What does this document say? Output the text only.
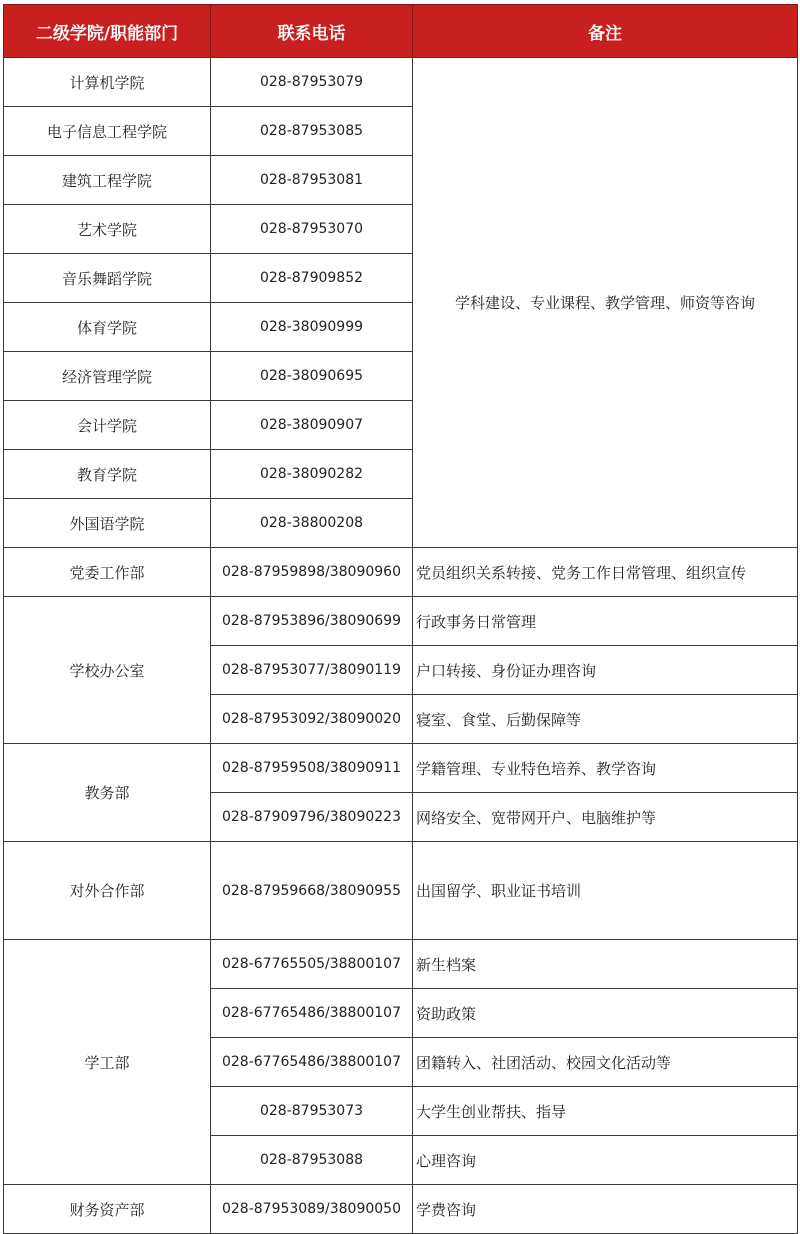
二级学院/职能部门	联系电话	备注
计算机学院	028-87953079	学科建设、专业课程、教学管理、师资等咨询
电子信息工程学院	028-87953085	
建筑工程学院	028-87953081	
艺术学院	028-87953070	
音乐舞蹈学院	028-87909852	
体育学院	028-38090999	
经济管理学院	028-38090695	
会计学院	028-38090907	
教育学院	028-38090282	
外国语学院	028-38800208	
党委工作部	028-87959898/38090960	党员组织关系转接、党务工作日常管理、组织宣传
学校办公室	028-87953896/38090699	行政事务日常管理
	028-87953077/38090119	户口转接、身份证办理咨询
	028-87953092/38090020	寝室、食堂、后勤保障等
教务部	028-87959508/38090911	学籍管理、专业特色培养、教学咨询
	028-87909796/38090223	网络安全、宽带网开户、电脑维护等
对外合作部	028-87959668/38090955	出国留学、职业证书培训
学工部	028-67765505/38800107	新生档案
	028-67765486/38800107	资助政策
	028-67765486/38800107	团籍转入、社团活动、校园文化活动等
	028-87953073	大学生创业帮扶、指导
	028-87953088	心理咨询
财务资产部	028-87953089/38090050	学费咨询
